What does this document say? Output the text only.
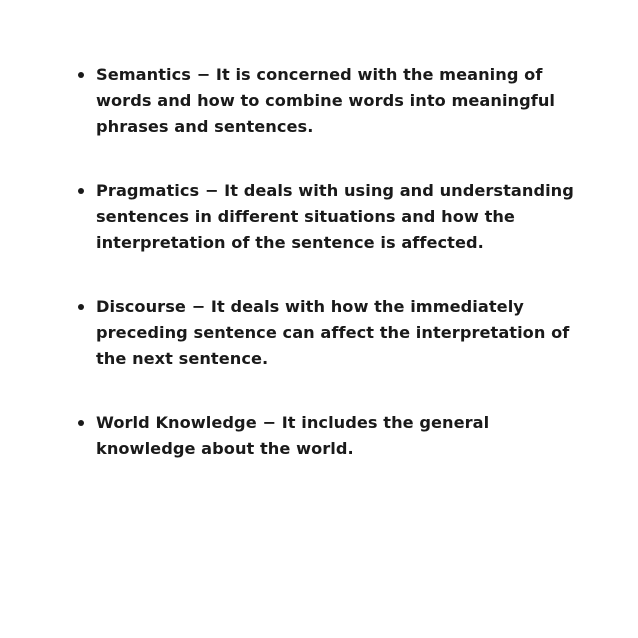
Semantics − It is concerned with the meaning of words and how to combine words into meaningful phrases and sentences.
Pragmatics − It deals with using and understanding sentences in different situations and how the interpretation of the sentence is affected.
Discourse − It deals with how the immediately preceding sentence can affect the interpretation of the next sentence.
World Knowledge − It includes the general knowledge about the world.
